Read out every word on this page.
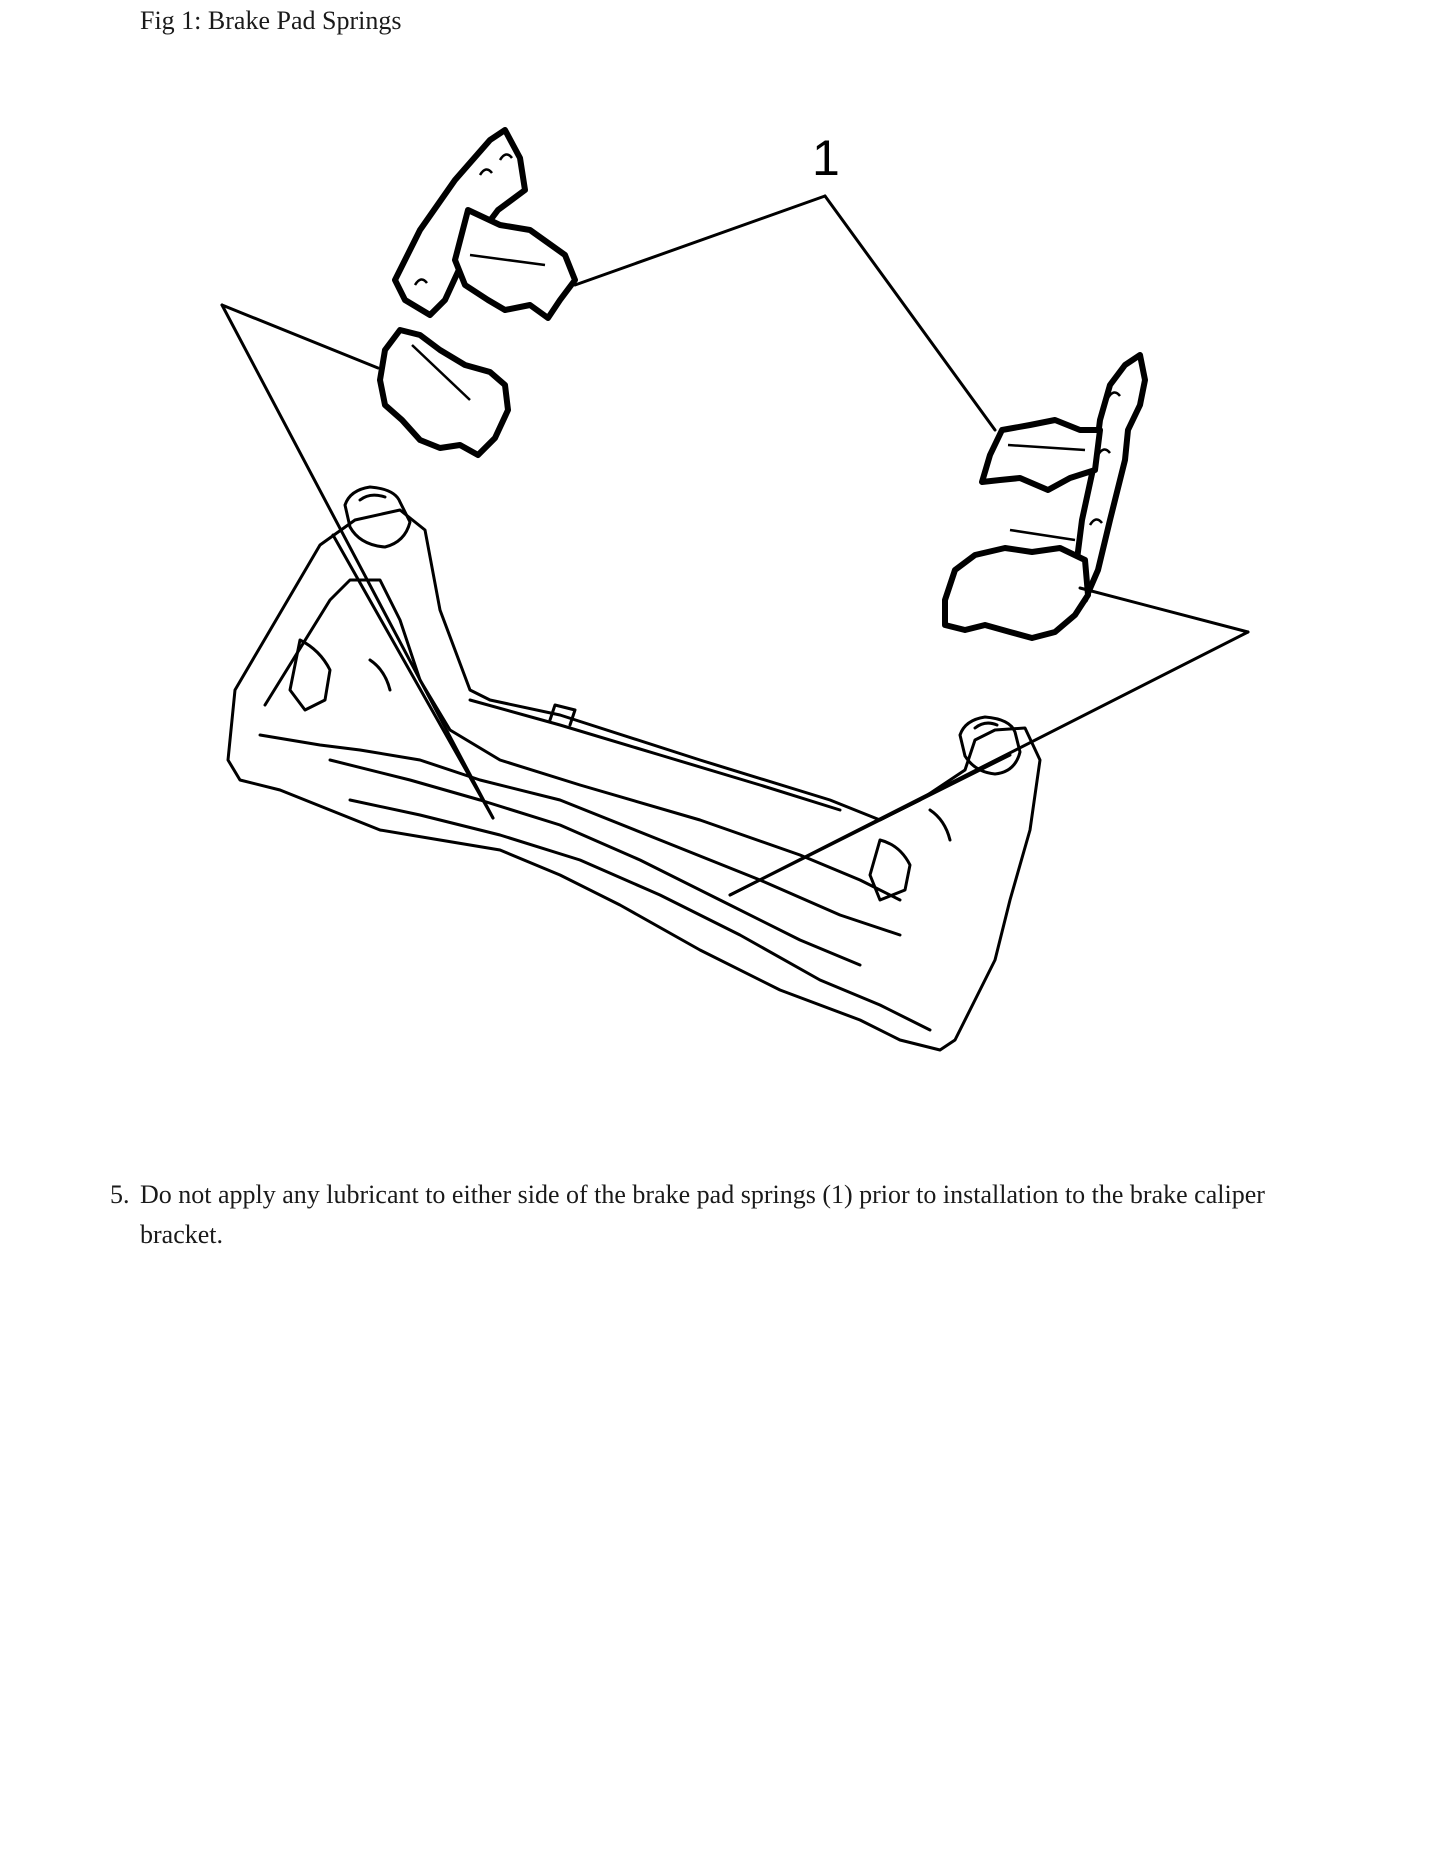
Fig 1: Brake Pad Springs
1
5. Do not apply any lubricant to either side of the brake pad springs (1) prior to installation to the brake caliper bracket.
